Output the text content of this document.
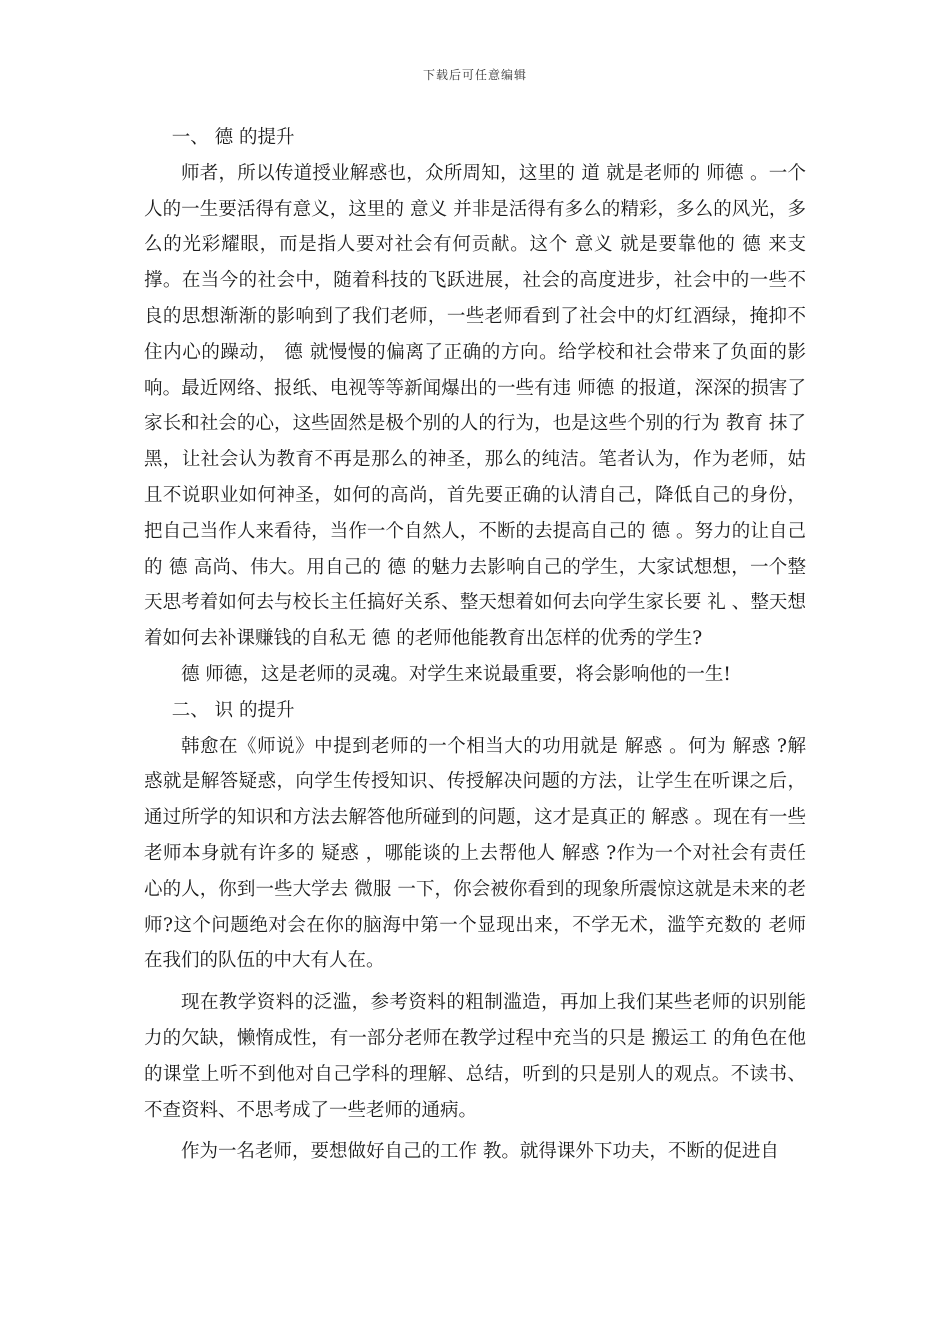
下载后可任意编辑

一、 德 的提升

师者，所以传道授业解惑也，众所周知，这里的 道 就是老师的 师德 。一个人的一生要活得有意义，这里的 意义 并非是活得有多么的精彩，多么的风光，多么的光彩耀眼，而是指人要对社会有何贡献。这个 意义 就是要靠他的 德 来支撑。在当今的社会中，随着科技的飞跃进展，社会的高度进步，社会中的一些不良的思想渐渐的影响到了我们老师，一些老师看到了社会中的灯红酒绿，掩抑不住内心的躁动， 德 就慢慢的偏离了正确的方向。给学校和社会带来了负面的影响。最近网络、报纸、电视等等新闻爆出的一些有违 师德 的报道，深深的损害了家长和社会的心，这些固然是极个别的人的行为，也是这些个别的行为 教育 抹了黑，让社会认为教育不再是那么的神圣，那么的纯洁。笔者认为，作为老师，姑且不说职业如何神圣，如何的高尚，首先要正确的认清自己，降低自己的身份，把自己当作人来看待，当作一个自然人，不断的去提高自己的 德 。努力的让自己的 德 高尚、伟大。用自己的 德 的魅力去影响自己的学生，大家试想想，一个整天思考着如何去与校长主任搞好关系、整天想着如何去向学生家长要 礼 、整天想着如何去补课赚钱的自私无 德 的老师他能教育出怎样的优秀的学生?

德 师德，这是老师的灵魂。对学生来说最重要，将会影响他的一生!

二、 识 的提升

韩愈在《师说》中提到老师的一个相当大的功用就是 解惑 。何为 解惑 ?解惑就是解答疑惑，向学生传授知识、传授解决问题的方法，让学生在听课之后，通过所学的知识和方法去解答他所碰到的问题，这才是真正的 解惑 。现在有一些老师本身就有许多的 疑惑 ，哪能谈的上去帮他人 解惑 ?作为一个对社会有责任心的人，你到一些大学去 微服 一下，你会被你看到的现象所震惊这就是未来的老师?这个问题绝对会在你的脑海中第一个显现出来，不学无术，滥竽充数的 老师 在我们的队伍的中大有人在。

现在教学资料的泛滥，参考资料的粗制滥造，再加上我们某些老师的识别能力的欠缺，懒惰成性，有一部分老师在教学过程中充当的只是 搬运工 的角色在他的课堂上听不到他对自己学科的理解、总结，听到的只是别人的观点。不读书、不查资料、不思考成了一些老师的通病。

作为一名老师，要想做好自己的工作 教。就得课外下功夫，不断的促进自
